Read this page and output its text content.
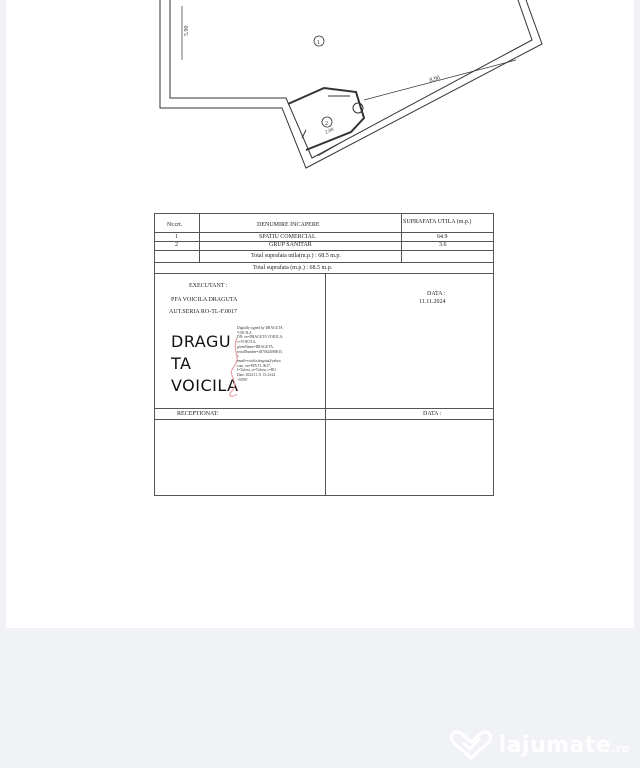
5.90
8.90
2.00
1
2
Nr.crt.	DENUMIRE INCAPERE	SUPRAFATA UTILA (m.p.)
1	SPATIU COMERCIAL	64.9
2	GRUP SANITAR	3.6
Total suprafata utila(m.p.) : 68.5 m.p.
Total suprafata (m.p.) : 68.5 m.p.
EXECUTANT :
PFA VOICILA DRAGUTA
AUT.SERIA RO-TL-F.0017
DATA :
11.11.2024
DRAGU
TA
VOICILA
Digitally signed by DRAGUTA
VOICILA
DN: cn=DRAGUTA VOICILA,
c=VOICILA,
givenName=DRAGUTA,
serialNumber=2870624080015,
t,
email=voicila.draguta@yahoo.
com, ou=PFA TL 0017,
l=Tulcea, st=Tulcea, c=RO
Date: 2024.11.11 15:24:24
+02'00'
RECEPTIONAT:	DATA :
lajumate.ro
